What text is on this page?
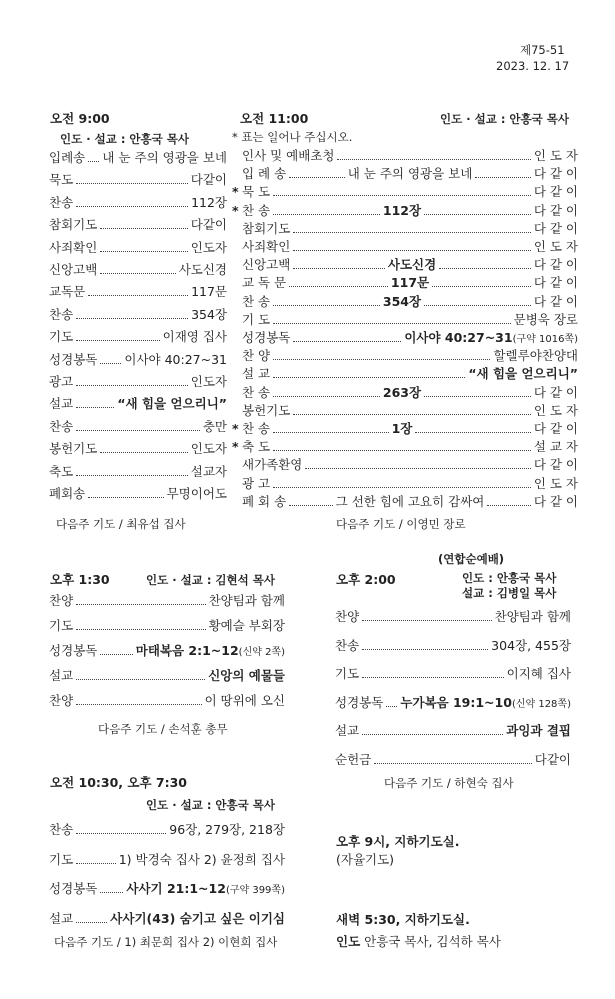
제75-51
2023. 12. 17
오전 9:00
인도 · 설교 : 안흥국 목사
입례송 내 눈 주의 영광을 보네
묵도	다같이
찬송	112장
참회기도	다같이
사죄확인	인도자
신앙고백	사도신경
교독문	117문
찬송	354장
기도	이재영 집사
성경봉독 이사야 40:27~31
광고	인도자
설교	“새 힘을 얻으리니”
찬송	충만
봉헌기도	인도자
축도	설교자
폐회송	무명이어도
다음주 기도 / 최유섭 집사
오전 11:00	인도 · 설교 : 안흥국 목사
* 표는 일어나 주십시오.
인사 및 예배초청	인 도 자
입 례 송	내 눈 주의 영광을 보네	다 같 이
* 묵 도	다 같 이
* 찬 송	112장	다 같 이
참회기도	다 같 이
사죄확인	인 도 자
신앙고백	사도신경	다 같 이
교 독 문	117문	다 같 이
찬 송	354장	다 같 이
기 도	문병욱 장로
성경봉독	이사야 40:27~31 (구약 1016쪽)
찬 양	할렐루야찬양대
설 교	“새 힘을 얻으리니”
찬 송	263장	다 같 이
봉헌기도	인 도 자
* 찬 송	1장	다 같 이
* 축 도	설 교 자
새가족환영	다 같 이
광 고	인 도 자
폐 회 송	그 선한 힘에 고요히 감싸여	다 같 이
다음주 기도 / 이영민 장로
오후 1:30	인도 · 설교 : 김현석 목사
찬양	찬양팀과 함께
기도	황예슬 부회장
성경봉독	마태복음 2:1~12 (신약 2쪽)
설교	신앙의 예물들
찬양	이 땅위에 오신
다음주 기도 / 손석훈 총무
(연합순예배)
오후 2:00	인도 : 안흥국 목사
설교 : 김병일 목사
찬양	찬양팀과 함께
찬송	304장, 455장
기도	이지혜 집사
성경봉독 누가복음 19:1~10 (신약 128쪽)
설교	과잉과 결핍
순헌금	다같이
다음주 기도 / 하현숙 집사
오전 10:30, 오후 7:30
인도 · 설교 : 안흥국 목사
찬송	96장, 279장, 218장
기도	1) 박경숙 집사 2) 윤정희 집사
성경봉독 사사기 21:1~12 (구약 399쪽)
설교	사사기(43) 숨기고 싶은 이기심
다음주 기도 / 1) 최문희 집사 2) 이현희 집사
오후 9시, 지하기도실.
(자율기도)
새벽 5:30, 지하기도실.
인도 안흥국 목사, 김석하 목사
